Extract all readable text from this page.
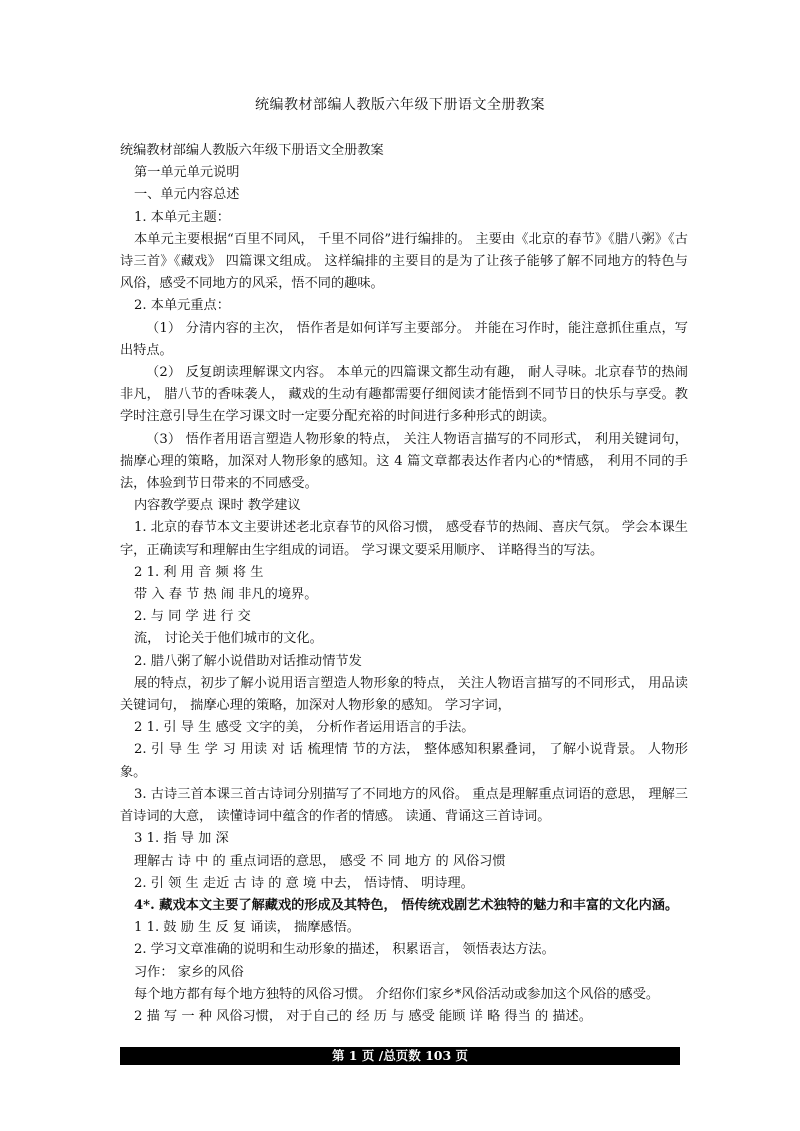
统编教材部编人教版六年级下册语文全册教案

统编教材部编人教版六年级下册语文全册教案

第一单元单元说明

一、单元内容总述

1. 本单元主题：

本单元主要根据“百里不同风， 千里不同俗”进行编排的。 主要由《北京的春节》《腊八粥》《古诗三首》《藏戏》 四篇课文组成。 这样编排的主要目的是为了让孩子能够了解不同地方的特色与风俗，感受不同地方的风采，悟不同的趣味。

2. 本单元重点：

（1） 分清内容的主次， 悟作者是如何详写主要部分。 并能在习作时，能注意抓住重点，写出特点。

（2） 反复朗读理解课文内容。 本单元的四篇课文都生动有趣， 耐人寻味。北京春节的热闹非凡， 腊八节的香味袭人， 藏戏的生动有趣都需要仔细阅读才能悟到不同节日的快乐与享受。教学时注意引导生在学习课文时一定要分配充裕的时间进行多种形式的朗读。

（3） 悟作者用语言塑造人物形象的特点， 关注人物语言描写的不同形式， 利用关键词句，揣摩心理的策略，加深对人物形象的感知。这 4 篇文章都表达作者内心的*情感， 利用不同的手法，体验到节日带来的不同感受。

内容教学要点 课时 教学建议

1. 北京的春节本文主要讲述老北京春节的风俗习惯， 感受春节的热闹、喜庆气氛。 学会本课生字，正确读写和理解由生字组成的词语。 学习课文要采用顺序、 详略得当的写法。

2 1. 利 用 音 频 将 生

带 入 春 节 热 闹 非凡的境界。

2. 与 同 学 进 行 交

流， 讨论关于他们城市的文化。

2. 腊八粥了解小说借助对话推动情节发

展的特点，初步了解小说用语言塑造人物形象的特点， 关注人物语言描写的不同形式， 用品读关键词句， 揣摩心理的策略，加深对人物形象的感知。 学习字词，

2 1. 引 导 生 感受 文字的美， 分析作者运用语言的手法。

2. 引 导 生 学 习 用读 对 话 梳理情 节的方法， 整体感知积累叠词， 了解小说背景。 人物形象。

3. 古诗三首本课三首古诗词分别描写了不同地方的风俗。 重点是理解重点词语的意思， 理解三首诗词的大意， 读懂诗词中蕴含的作者的情感。 读通、背诵这三首诗词。

3 1. 指 导 加 深

理解古 诗 中 的 重点词语的意思， 感受 不 同 地方 的 风俗习惯

2. 引 领 生 走近 古 诗 的 意 境 中去， 悟诗情、 明诗理。

4*. 藏戏本文主要了解藏戏的形成及其特色， 悟传统戏剧艺术独特的魅力和丰富的文化内涵。

1 1. 鼓 励 生 反 复 诵读， 揣摩感悟。

2. 学习文章准确的说明和生动形象的描述， 积累语言， 领悟表达方法。

习作： 家乡的风俗

每个地方都有每个地方独特的风俗习惯。 介绍你们家乡*风俗活动或参加这个风俗的感受。

2 描 写 一 种 风俗习惯， 对于自己的 经 历 与 感受 能顾 详 略 得当 的 描述。

第 1 页 /总页数 103 页
